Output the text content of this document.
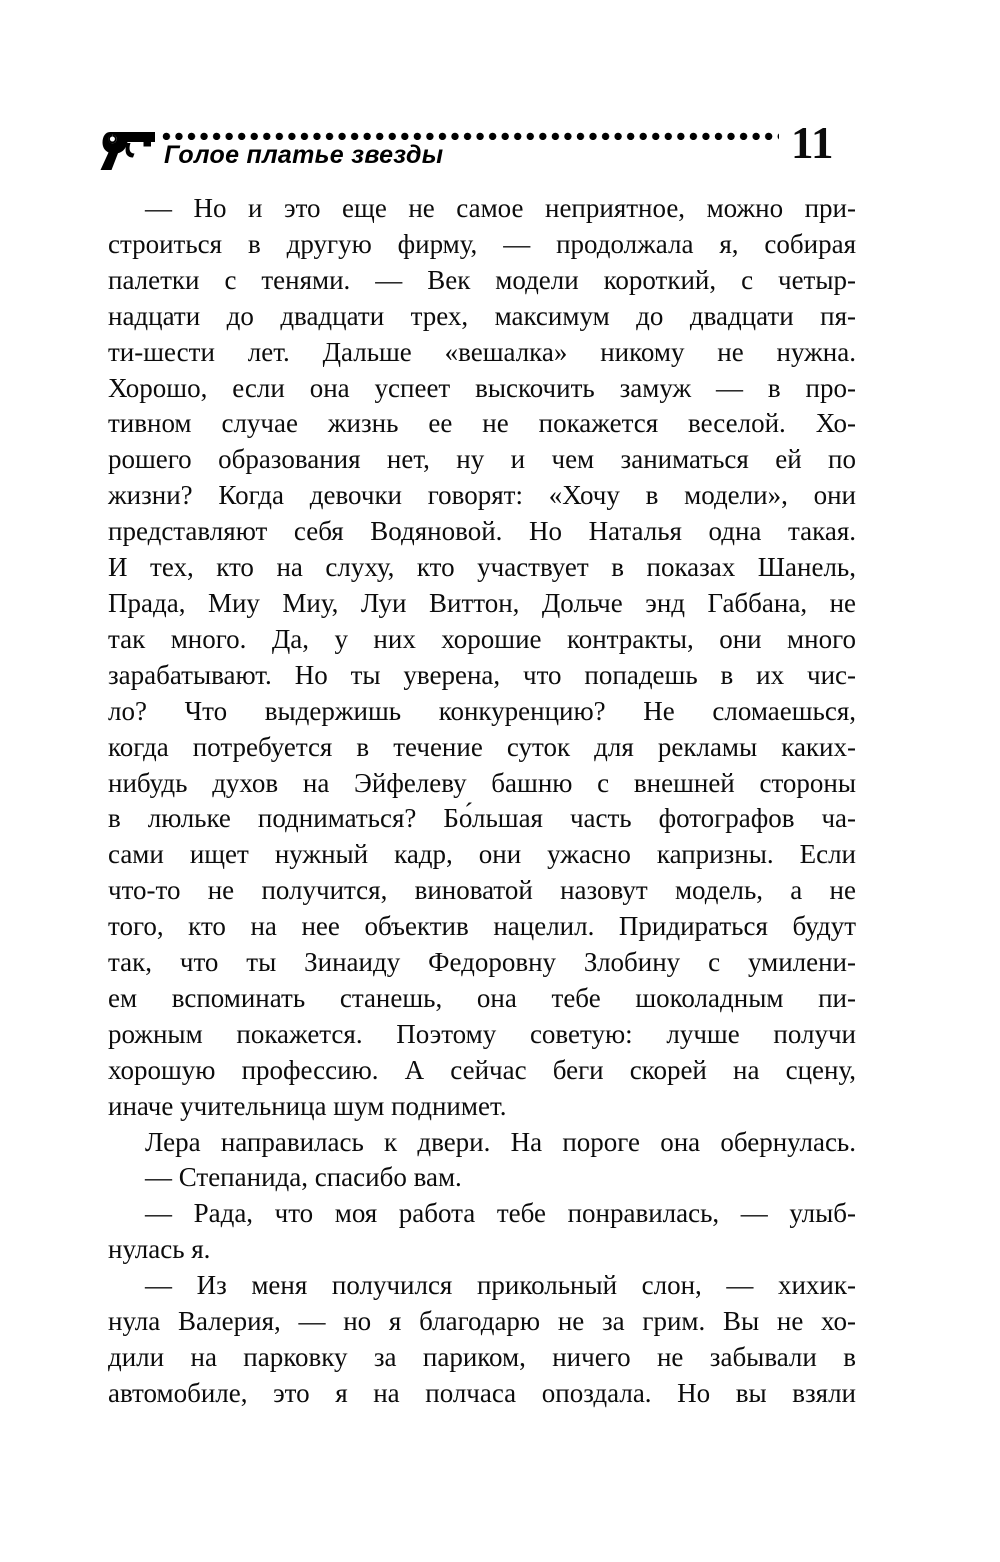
Голое платье звезды	11
— Но и это еще не самое неприятное, можно при-
строиться в другую фирму, — продолжала я, собирая
палетки с тенями. — Век модели короткий, с четыр-
надцати до двадцати трех, максимум до двадцати пя-
ти-шести лет. Дальше «вешалка» никому не нужна.
Хорошо, если она успеет выскочить замуж — в про-
тивном случае жизнь ее не покажется веселой. Хо-
рошего образования нет, ну и чем заниматься ей по
жизни? Когда девочки говорят: «Хочу в модели», они
представляют себя Водяновой. Но Наталья одна такая.
И тех, кто на слуху, кто участвует в показах Шанель,
Прада, Миу Миу, Луи Виттон, Дольче энд Габбана, не
так много. Да, у них хорошие контракты, они много
зарабатывают. Но ты уверена, что попадешь в их чис-
ло? Что выдержишь конкуренцию? Не сломаешься,
когда потребуется в течение суток для рекламы каких-
нибудь духов на Эйфелеву башню с внешней стороны
в люльке подниматься? Бо́льшая часть фотографов ча-
сами ищет нужный кадр, они ужасно капризны. Если
что-то не получится, виноватой назовут модель, а не
того, кто на нее объектив нацелил. Придираться будут
так, что ты Зинаиду Федоровну Злобину с умилени-
ем вспоминать станешь, она тебе шоколадным пи-
рожным покажется. Поэтому советую: лучше получи
хорошую профессию. А сейчас беги скорей на сцену,
иначе учительница шум поднимет.
Лера направилась к двери. На пороге она обернулась.
— Степанида, спасибо вам.
— Рада, что моя работа тебе понравилась, — улыб-
нулась я.
— Из меня получился прикольный слон, — хихик-
нула Валерия, — но я благодарю не за грим. Вы не хо-
дили на парковку за париком, ничего не забывали в
автомобиле, это я на полчаса опоздала. Но вы взяли
